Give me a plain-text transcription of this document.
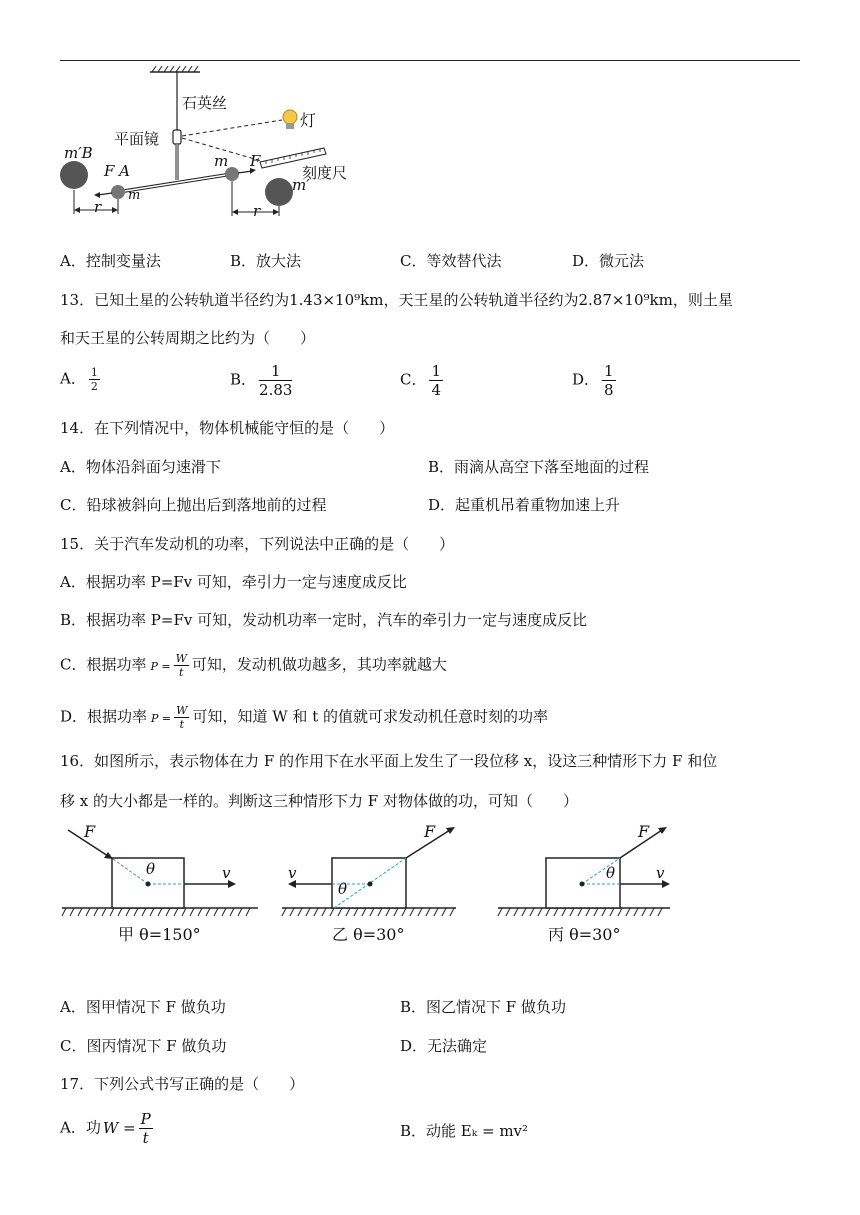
石英丝
灯
平面镜
刻度尺
m′B
F A
m
m F
m′
r	r
A．控制变量法	B．放大法	C．等效替代法	D．微元法
13．已知土星的公转轨道半径约为1.43×10⁹km，天王星的公转轨道半径约为2.87×10⁹km，则土星
和天王星的公转周期之比约为（　　）
A． $\frac{1}{2}$	B． $\frac{1}{2.83}$	C． $\frac{1}{4}$	D． $\frac{1}{8}$
14．在下列情况中，物体机械能守恒的是（　　）
A．物体沿斜面匀速滑下	B．雨滴从高空下落至地面的过程
C．铅球被斜向上抛出后到落地前的过程	D．起重机吊着重物加速上升
15．关于汽车发动机的功率，下列说法中正确的是（　　）
A．根据功率 P=Fv 可知，牵引力一定与速度成反比
B．根据功率 P=Fv 可知，发动机功率一定时，汽车的牵引力一定与速度成反比
C．根据功率 $P = \frac{W}{t}$ 可知，发动机做功越多，其功率就越大
D．根据功率 $P = \frac{W}{t}$ 可知，知道 W 和 t 的值就可求发动机任意时刻的功率
16．如图所示，表示物体在力 F 的作用下在水平面上发生了一段位移 x，设这三种情形下力 F 和位
移 x 的大小都是一样的。判断这三种情形下力 F 对物体做的功，可知（　　）
F
θ	v
甲 θ=150°
F
θ
v
乙 θ=30°
F
θ	v
丙 θ=30°
A．图甲情况下 F 做负功	B．图乙情况下 F 做负功
C．图丙情况下 F 做负功	D．无法确定
17．下列公式书写正确的是（　　）
A．功 $W = \frac{P}{t}$	B．动能 Eₖ = mv²
